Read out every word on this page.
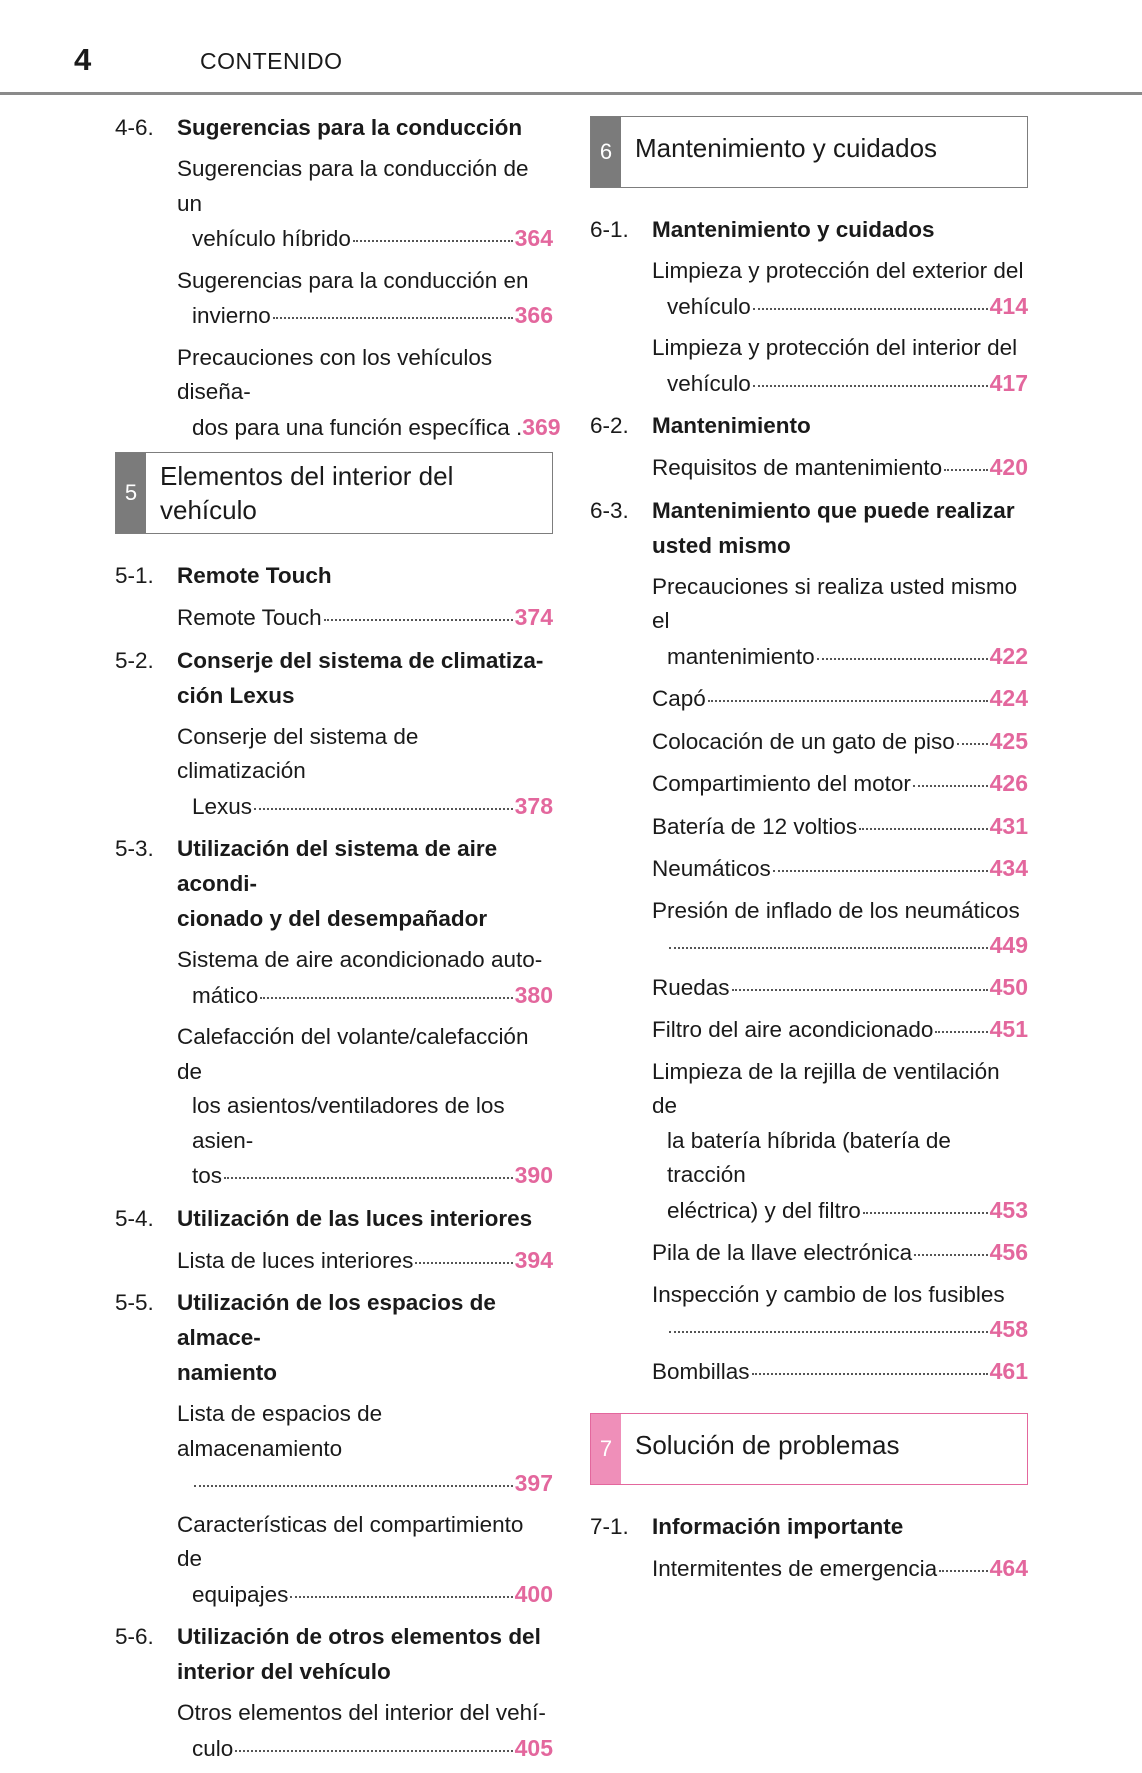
4	CONTENIDO
4-6.	Sugerencias para la conducción
Sugerencias para la conducción de un
vehículo híbrido	364
Sugerencias para la conducción en
invierno	366
Precauciones con los vehículos diseña-
dos para una función específica . 369
5
Elementos del interior del
vehículo
5-1.	Remote Touch
Remote Touch	374
5-2.	Conserje del sistema de climatiza-
ción Lexus
Conserje del sistema de climatización
Lexus	378
5-3.	Utilización del sistema de aire acondi-
cionado y del desempañador
Sistema de aire acondicionado auto-
mático	380
Calefacción del volante/calefacción de
los asientos/ventiladores de los asien-
tos	390
5-4.	Utilización de las luces interiores
Lista de luces interiores	394
5-5.	Utilización de los espacios de almace-
namiento
Lista de espacios de almacenamiento
397
Características del compartimiento de
equipajes	400
5-6.	Utilización de otros elementos del
interior del vehículo
Otros elementos del interior del vehí-
culo	405
6 Mantenimiento y cuidados
6-1.	Mantenimiento y cuidados
Limpieza y protección del exterior del
vehículo	414
Limpieza y protección del interior del
vehículo	417
6-2.	Mantenimiento
Requisitos de mantenimiento 420
6-3.	Mantenimiento que puede realizar
usted mismo
Precauciones si realiza usted mismo el
mantenimiento	422
Capó	424
Colocación de un gato de piso 425
Compartimiento del motor	426
Batería de 12 voltios	431
Neumáticos	434
Presión de inflado de los neumáticos
449
Ruedas	450
Filtro del aire acondicionado 451
Limpieza de la rejilla de ventilación de
la batería híbrida (batería de tracción
eléctrica) y del filtro	453
Pila de la llave electrónica	456
Inspección y cambio de los fusibles
458
Bombillas	461
7 Solución de problemas
7-1.	Información importante
Intermitentes de emergencia 464
